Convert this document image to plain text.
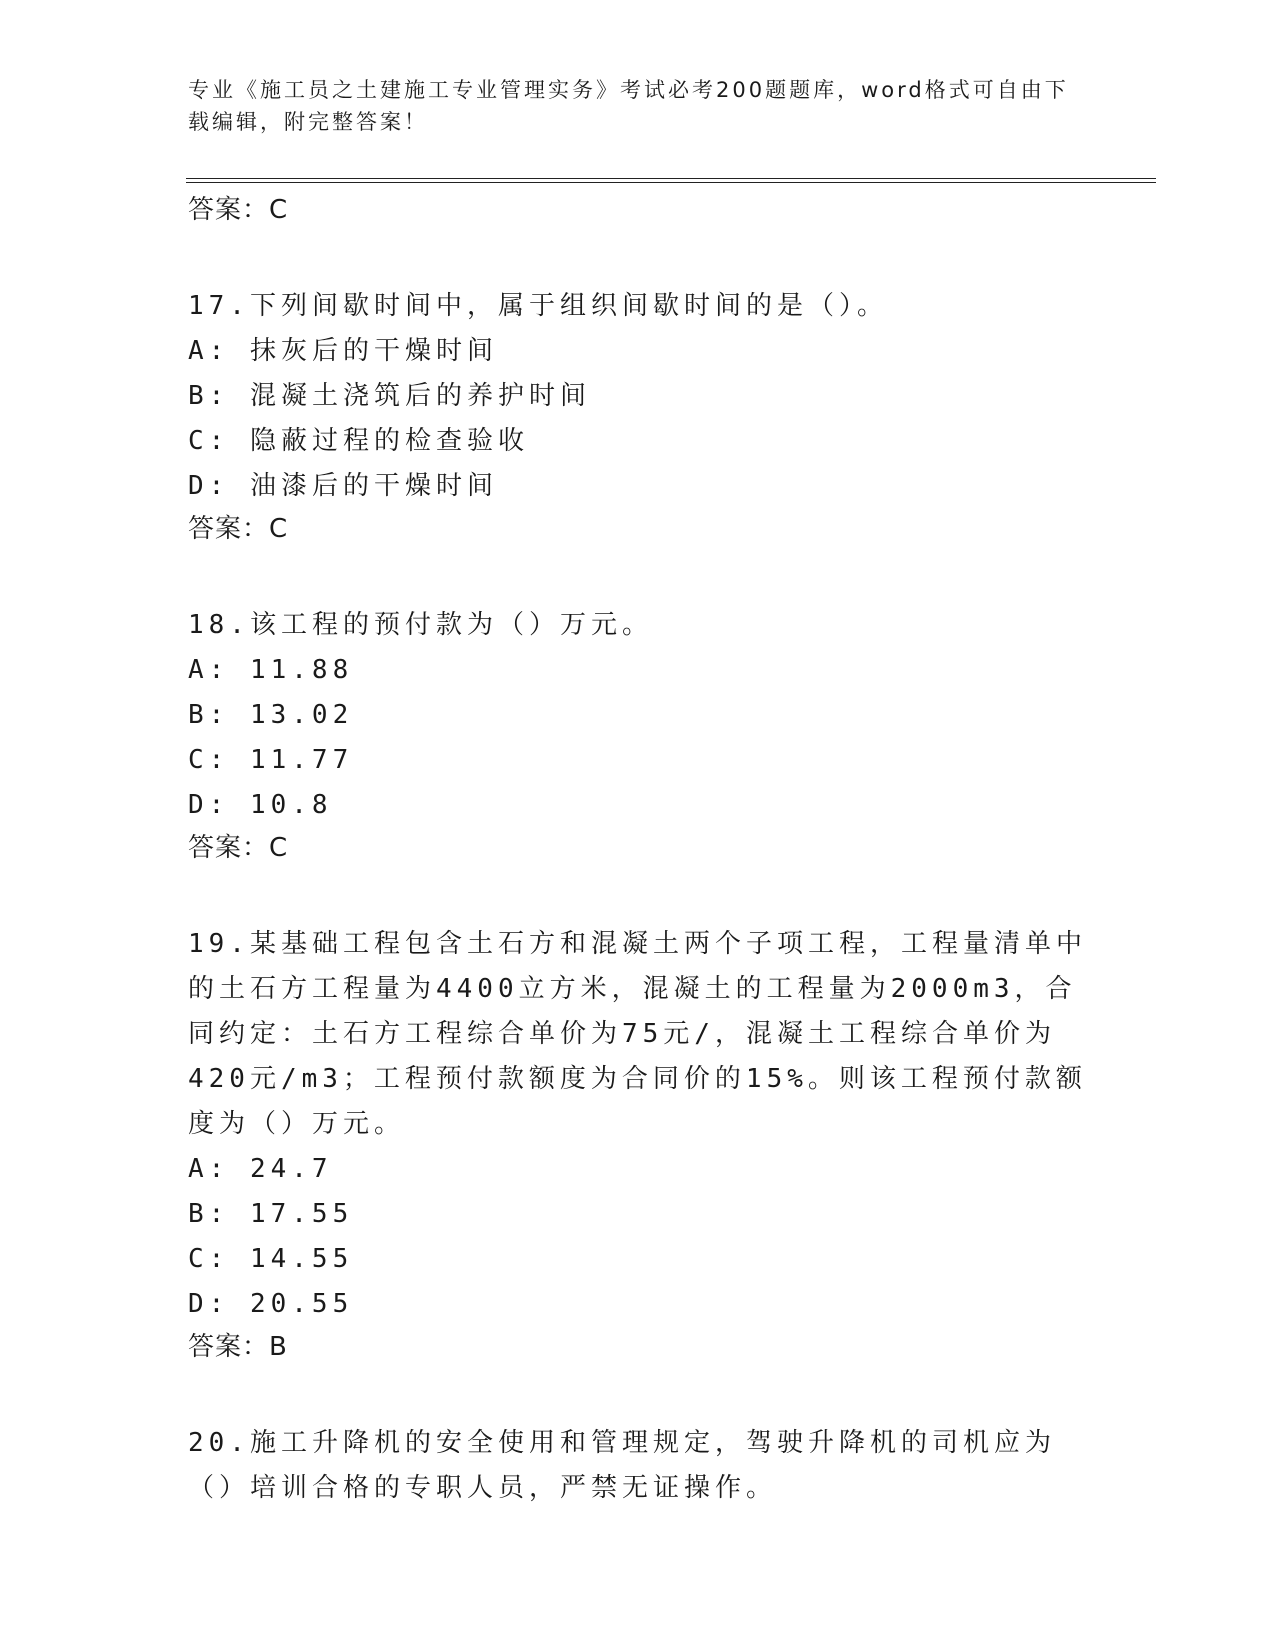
专业《施工员之土建施工专业管理实务》考试必考200题题库，word格式可自由下载编辑，附完整答案！
答案：C

17.下列间歇时间中，属于组织间歇时间的是（）。

A: 抹灰后的干燥时间
B: 混凝土浇筑后的养护时间
C: 隐蔽过程的检查验收
D: 油漆后的干燥时间
答案：C

18.该工程的预付款为（）万元。

A: 11.88
B: 13.02
C: 11.77
D: 10.8
答案：C

19.某基础工程包含土石方和混凝土两个子项工程，工程量清单中的土石方工程量为4400立方米，混凝土的工程量为2000m3，合同约定：土石方工程综合单价为75元/，混凝土工程综合单价为420元/m3；工程预付款额度为合同价的15%。则该工程预付款额度为（）万元。

A: 24.7
B: 17.55
C: 14.55
D: 20.55
答案：B

20.施工升降机的安全使用和管理规定，驾驶升降机的司机应为（）培训合格的专职人员，严禁无证操作。
